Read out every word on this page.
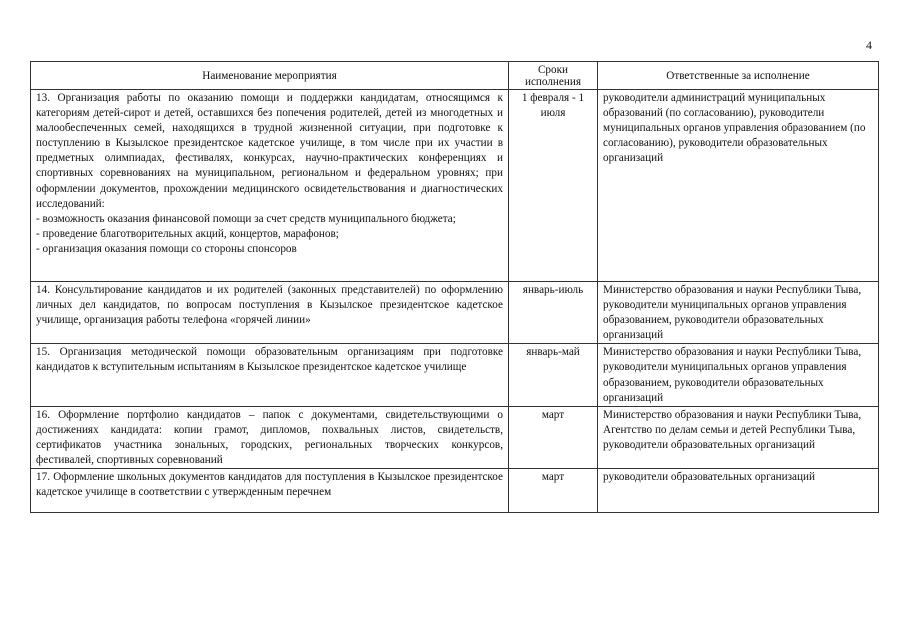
4
Наименование мероприятия	Сроки исполнения	Ответственные за исполнение

13. Организация работы по оказанию помощи и поддержки кандидатам, относящимся к категориям детей-сирот и детей, оставшихся без попечения родителей, детей из многодетных и малообеспеченных семей, находящихся в трудной жизненной ситуации, при подготовке к поступлению в Кызылское президентское кадетское училище, в том числе при их участии в предметных олимпиадах, фестивалях, конкурсах, научно-практических конференциях и спортивных соревнованиях на муниципальном, региональном и федеральном уровнях; при оформлении документов, прохождении медицинского освидетельствования и диагностических исследований:
- возможность оказания финансовой помощи за счет средств муниципального бюджета;
- проведение благотворительных акций, концертов, марафонов;
- организация оказания помощи со стороны спонсоров	1 февраля - 1 июля	руководители администраций муниципальных образований (по согласованию), руководители муниципальных органов управления образованием (по согласованию), руководители образовательных организаций
14. Консультирование кандидатов и их родителей (законных представителей) по оформлению личных дел кандидатов, по вопросам поступления в Кызылское президентское кадетское училище, организация работы телефона «горячей линии»	январь-июль	Министерство образования и науки Республики Тыва, руководители муниципальных органов управления образованием, руководители образовательных организаций
15. Организация методической помощи образовательным организациям при подготовке кандидатов к вступительным испытаниям в Кызылское президентское кадетское училище	январь-май	Министерство образования и науки Республики Тыва, руководители муниципальных органов управления образованием, руководители образовательных организаций
16. Оформление портфолио кандидатов – папок с документами, свидетельствующими о достижениях кандидата: копии грамот, дипломов, похвальных листов, свидетельств, сертификатов участника зональных, городских, региональных творческих конкурсов, фестивалей, спортивных соревнований	март	Министерство образования и науки Республики Тыва, Агентство по делам семьи и детей Республики Тыва, руководители образовательных организаций
17. Оформление школьных документов кандидатов для поступления в Кызылское президентское кадетское училище в соответствии с утвержденным перечнем	март	руководители образовательных организаций
